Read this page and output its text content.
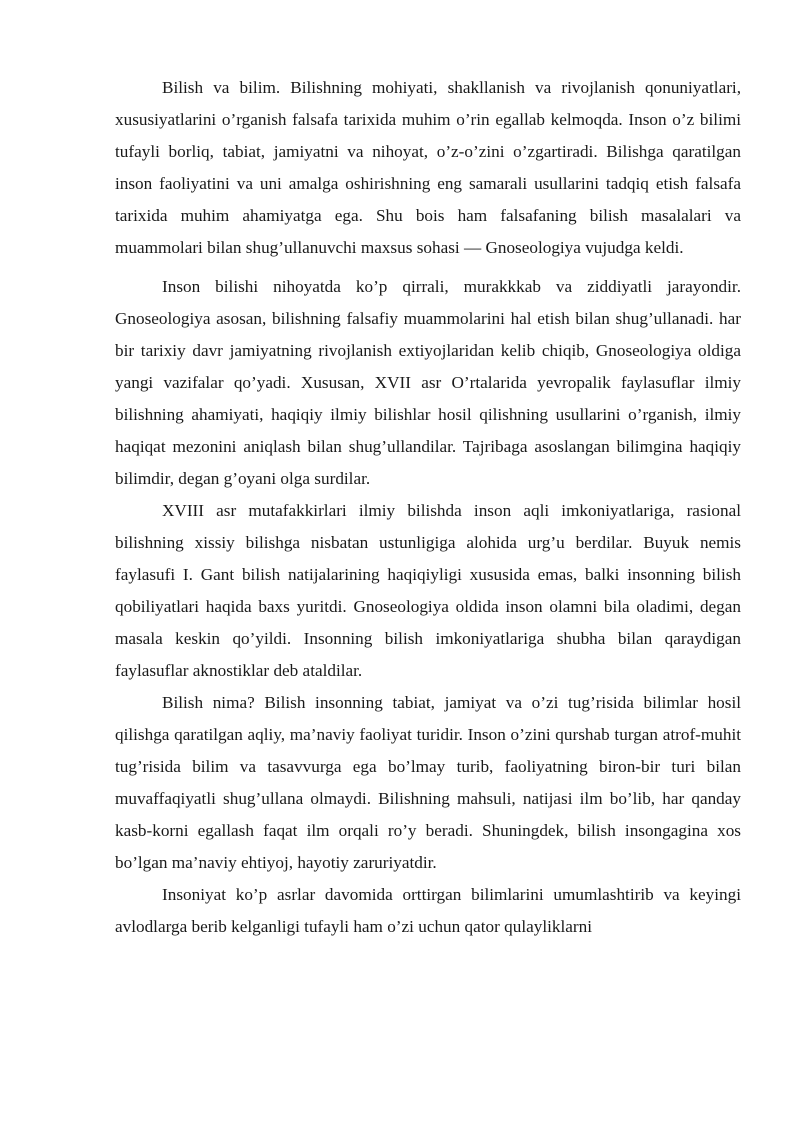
Bilish va bilim. Bilishning mohiyati, shakllanish va rivojlanish qonuniyatlari, xususiyatlarini o’rganish falsafa tarixida muhim o’rin egallab kelmoqda. Inson o’z bilimi tufayli borliq, tabiat, jamiyatni va nihoyat, o’z-o’zini o’zgartiradi. Bilishga qaratilgan inson faoliyatini va uni amalga oshirishning eng samarali usullarini tadqiq etish falsafa tarixida muhim ahamiyatga ega. Shu bois ham falsafaning bilish masalalari va muammolari bilan shug’ullanuvchi maxsus sohasi — Gnoseologiya vujudga keldi.

Inson bilishi nihoyatda ko’p qirrali, murakkkab va ziddiyatli jarayondir. Gnoseologiya asosan, bilishning falsafiy muammolarini hal etish bilan shug’ullanadi. har bir tarixiy davr jamiyatning rivojlanish extiyojlaridan kelib chiqib, Gnoseologiya oldiga yangi vazifalar qo’yadi. Xususan, XVII asr O’rtalarida yevropalik faylasuflar ilmiy bilishning ahamiyati, haqiqiy ilmiy bilishlar hosil qilishning usullarini o’rganish, ilmiy haqiqat mezonini aniqlash bilan shug’ullandilar. Tajribaga asoslangan bilimgina haqiqiy bilimdir, degan g’oyani olga surdilar.

XVIII asr mutafakkirlari ilmiy bilishda inson aqli imkoniyatlariga, rasional bilishning xissiy bilishga nisbatan ustunligiga alohida urg’u berdilar. Buyuk nemis faylasufi I. Gant bilish natijalarining haqiqiyligi xususida emas, balki insonning bilish qobiliyatlari haqida baxs yuritdi. Gnoseologiya oldida inson olamni bila oladimi, degan masala keskin qo’yildi. Insonning bilish imkoniyatlariga shubha bilan qaraydigan faylasuflar aknostiklar deb ataldilar.

Bilish nima? Bilish insonning tabiat, jamiyat va o’zi tug’risida bilimlar hosil qilishga qaratilgan aqliy, ma’naviy faoliyat turidir. Inson o’zini qurshab turgan atrof-muhit tug’risida bilim va tasavvurga ega bo’lmay turib, faoliyatning biron-bir turi bilan muvaffaqiyatli shug’ullana olmaydi. Bilishning mahsuli, natijasi ilm bo’lib, har qanday kasb-korni egallash faqat ilm orqali ro’y beradi. Shuningdek, bilish insongagina xos bo’lgan ma’naviy ehtiyoj, hayotiy zaruriyatdir.

Insoniyat ko’p asrlar davomida orttirgan bilimlarini umumlashtirib va keyingi avlodlarga berib kelganligi tufayli ham o’zi uchun qator qulayliklarni
